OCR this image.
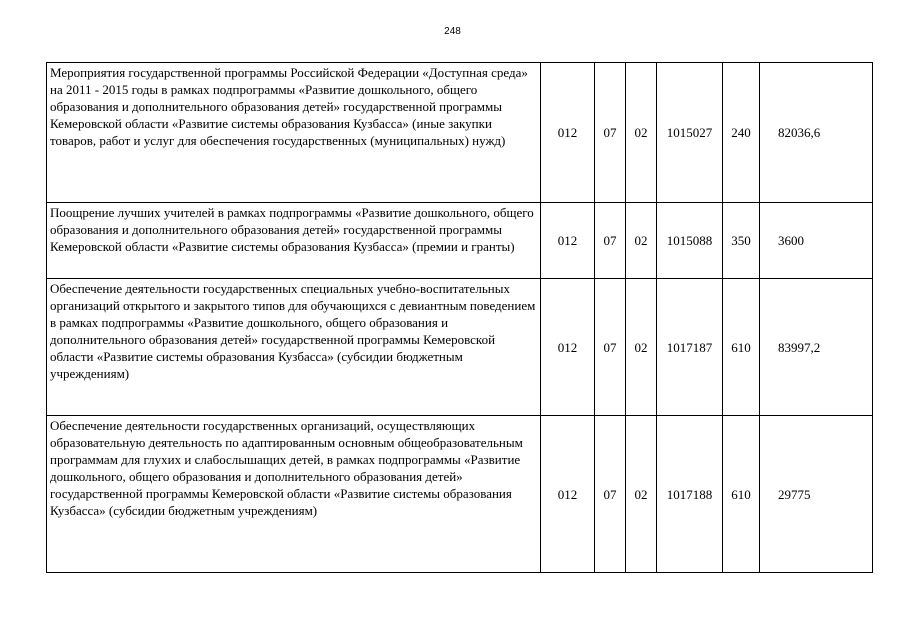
248
Мероприятия государственной программы Российской Федерации «Доступная среда» на 2011 - 2015 годы в рамках подпрограммы «Развитие дошкольного, общего образования и дополнительного образования детей» государственной программы Кемеровской области «Развитие системы образования Кузбасса» (иные закупки товаров, работ и услуг для обеспечения государственных (муниципальных) нужд)	012	07	02	1015027	240	82036,6
Поощрение лучших учителей в рамках подпрограммы «Развитие дошкольного, общего образования и дополнительного образования детей» государственной программы Кемеровской области «Развитие системы образования Кузбасса» (премии и гранты)	012	07	02	1015088	350	3600
Обеспечение деятельности государственных специальных учебно-воспитательных организаций открытого и закрытого типов для обучающихся с девиантным поведением в рамках подпрограммы «Развитие дошкольного, общего образования и дополнительного образования детей» государственной программы Кемеровской области «Развитие системы образования Кузбасса» (субсидии бюджетным учреждениям)	012	07	02	1017187	610	83997,2
Обеспечение деятельности государственных организаций, осуществляющих образовательную деятельность по адаптированным основным общеобразовательным программам для глухих и слабослышащих детей, в рамках подпрограммы «Развитие дошкольного, общего образования и дополнительного образования детей» государственной программы Кемеровской области «Развитие системы образования Кузбасса» (субсидии бюджетным учреждениям)	012	07	02	1017188	610	29775
